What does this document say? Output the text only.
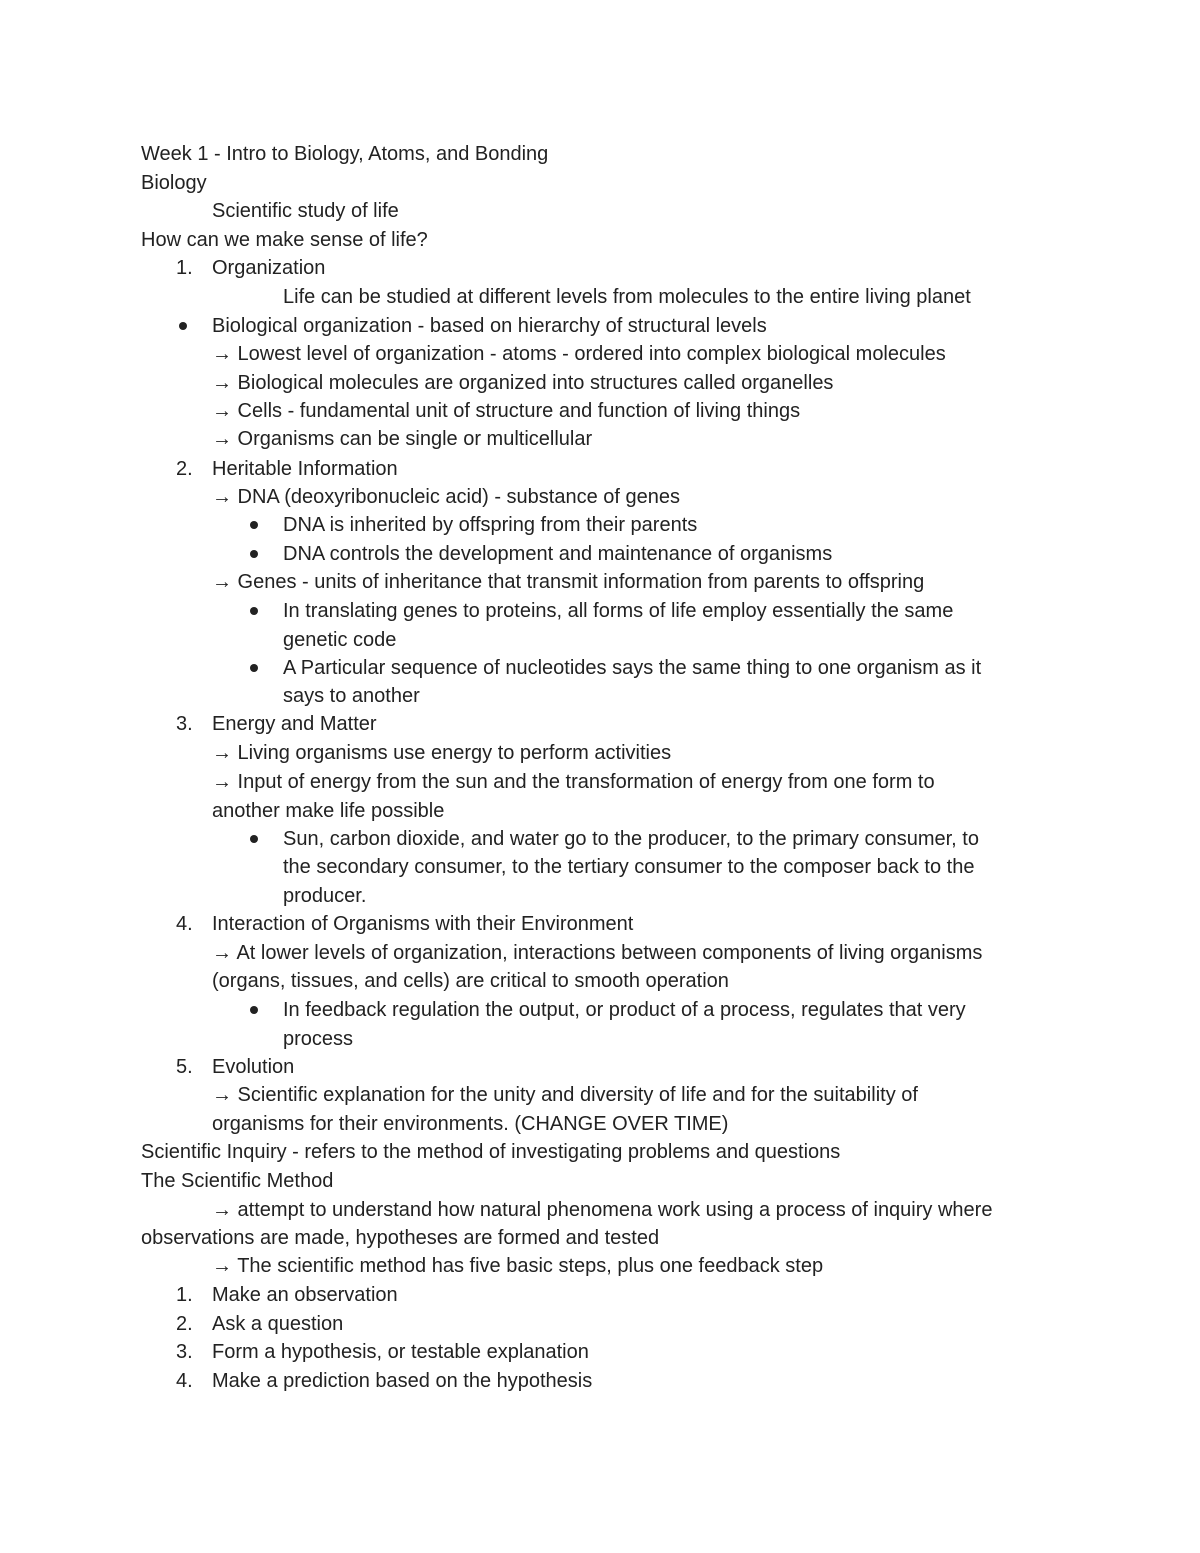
Week 1 - Intro to Biology, Atoms, and Bonding
Biology
Scientific study of life
How can we make sense of life?
1. Organization
Life can be studied at different levels from molecules to the entire living planet
Biological organization - based on hierarchy of structural levels
→ Lowest level of organization - atoms - ordered into complex biological molecules
→ Biological molecules are organized into structures called organelles
→ Cells - fundamental unit of structure and function of living things
→ Organisms can be single or multicellular
2. Heritable Information
→ DNA (deoxyribonucleic acid) - substance of genes
DNA is inherited by offspring from their parents
DNA controls the development and maintenance of organisms
→ Genes - units of inheritance that transmit information from parents to offspring
In translating genes to proteins, all forms of life employ essentially the same
genetic code
A Particular sequence of nucleotides says the same thing to one organism as it
says to another
3. Energy and Matter
→ Living organisms use energy to perform activities
→ Input of energy from the sun and the transformation of energy from one form to
another make life possible
Sun, carbon dioxide, and water go to the producer, to the primary consumer, to
the secondary consumer, to the tertiary consumer to the composer back to the
producer.
4. Interaction of Organisms with their Environment
→ At lower levels of organization, interactions between components of living organisms
(organs, tissues, and cells) are critical to smooth operation
In feedback regulation the output, or product of a process, regulates that very
process
5. Evolution
→ Scientific explanation for the unity and diversity of life and for the suitability of
organisms for their environments. (CHANGE OVER TIME)
Scientific Inquiry - refers to the method of investigating problems and questions
The Scientific Method
→ attempt to understand how natural phenomena work using a process of inquiry where
observations are made, hypotheses are formed and tested
→ The scientific method has five basic steps, plus one feedback step
1. Make an observation
2. Ask a question
3. Form a hypothesis, or testable explanation
4. Make a prediction based on the hypothesis
